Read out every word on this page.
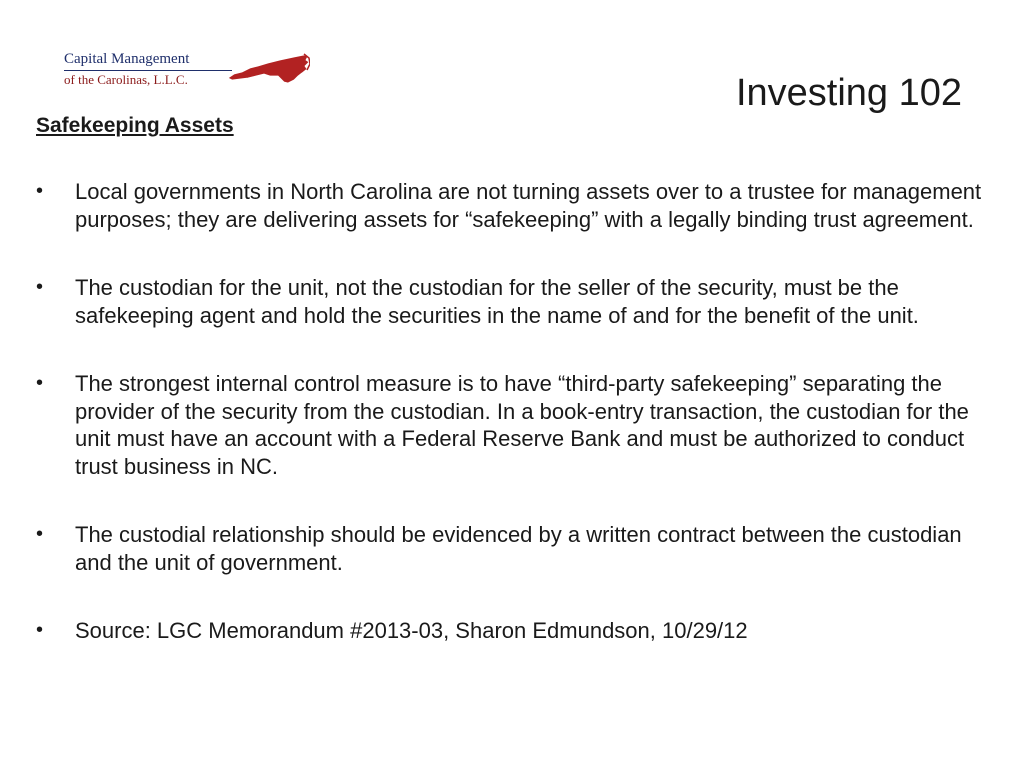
Capital Management
of the Carolinas, L.L.C.	Investing 102
Safekeeping Assets
• Local governments in North Carolina are not turning assets over to a trustee for management purposes; they are delivering assets for “safekeeping” with a legally binding trust agreement.
• The custodian for the unit, not the custodian for the seller of the security, must be the safekeeping agent and hold the securities in the name of and for the benefit of the unit.
• The strongest internal control measure is to have “third-party safekeeping” separating the provider of the security from the custodian. In a book-entry transaction, the custodian for the unit must have an account with a Federal Reserve Bank and must be authorized to conduct trust business in NC.
• The custodial relationship should be evidenced by a written contract between the custodian and the unit of government.
• Source: LGC Memorandum #2013-03, Sharon Edmundson, 10/29/12
